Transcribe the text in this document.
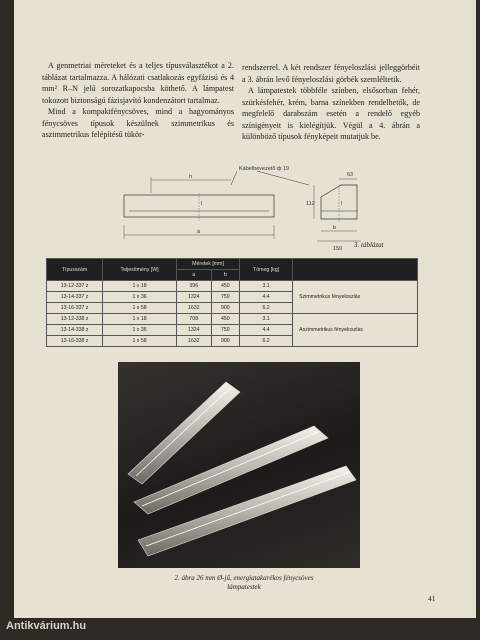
A genmetriai méreteket és a teljes típusválasztékot a 2. táblázat tartalmazza. A hálózati csatlakozás egyfázisú és 4 mm² R–N jelű sorozatkapocsba köthető. A lámpatest tokozott biztonságú fázisjavító kondenzátort tartalmaz.

Mind a kompaktfénycsöves, mind a hagyományos fénycsöves típusok készülnek szimmetrikus és aszimmetrikus felépítésű tükör-

rendszerrel. A két rendszer fényeloszlási jelleggörbéit a 3. ábrán levő fényeloszlási görbék szemléltetik.

A lámpatestek többféle színben, elsősorban fehér, szürkésfehér, krém, barna színekben rendelhetők, de megfelelő darabszám esetén a rendelő egyéb színigényeit is kielégítjük. Végül a 4. ábrán a különböző típusok fényképeit mutatjuk be.

Kábelbevezető ф 19
h
l
a
63
l
112
b
150 3. táblázat
Típusszám	Teljesítmény [W]	Méretek [mm]		Tömeg [kg]	
		a	b		
13-12-337 z	1 x 18	396	450	3.1	Szimmetrikus fényeloszlás
13-14-337 z	1 x 36	1324	750	4.4	
13-16-337 z	1 x 58	1632	900	6.2	
13-12-338 z	1 x 18	708	450	3.1	Aszimmetrikus fényeloszlás
13-14-338 z	1 x 36	1324	750	4.4	
13-16-338 z	1 x 58	1632	900	6.2	
2. ábra 26 mm Ø-jű, energiatakarékos fénycsöves lámpatestek
41
Antikvárium.hu
